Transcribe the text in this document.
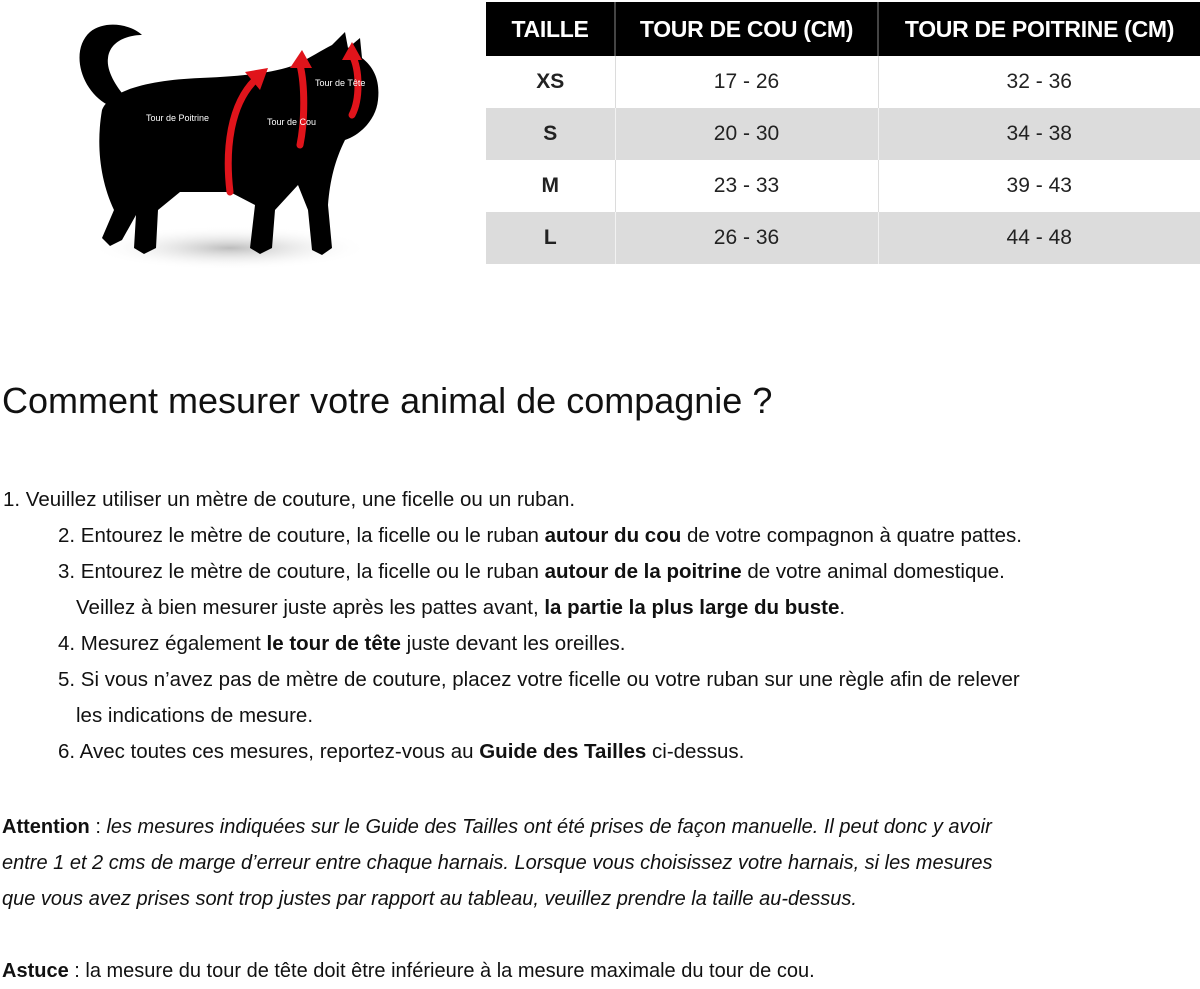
Tour de Poitrine	Tour de Cou
Tour de Tête
TAILLE	TOUR DE COU (CM)	TOUR DE POITRINE (CM)
XS	17 - 26	32 - 36
S	20 - 30	34 - 38
M	23 - 33	39 - 43
L	26 - 36	44 - 48
Comment mesurer votre animal de compagnie ?
1. Veuillez utiliser un mètre de couture, une ficelle ou un ruban.
2. Entourez le mètre de couture, la ficelle ou le ruban autour du cou de votre compagnon à quatre pattes.
3. Entourez le mètre de couture, la ficelle ou le ruban autour de la poitrine de votre animal domestique.
Veillez à bien mesurer juste après les pattes avant, la partie la plus large du buste.
4. Mesurez également le tour de tête juste devant les oreilles.
5. Si vous n’avez pas de mètre de couture, placez votre ficelle ou votre ruban sur une règle afin de relever
les indications de mesure.
6. Avec toutes ces mesures, reportez-vous au Guide des Tailles ci-dessus.
Attention : les mesures indiquées sur le Guide des Tailles ont été prises de façon manuelle. Il peut donc y avoir
entre 1 et 2 cms de marge d’erreur entre chaque harnais. Lorsque vous choisissez votre harnais, si les mesures
que vous avez prises sont trop justes par rapport au tableau, veuillez prendre la taille au-dessus.
Astuce : la mesure du tour de tête doit être inférieure à la mesure maximale du tour de cou.
